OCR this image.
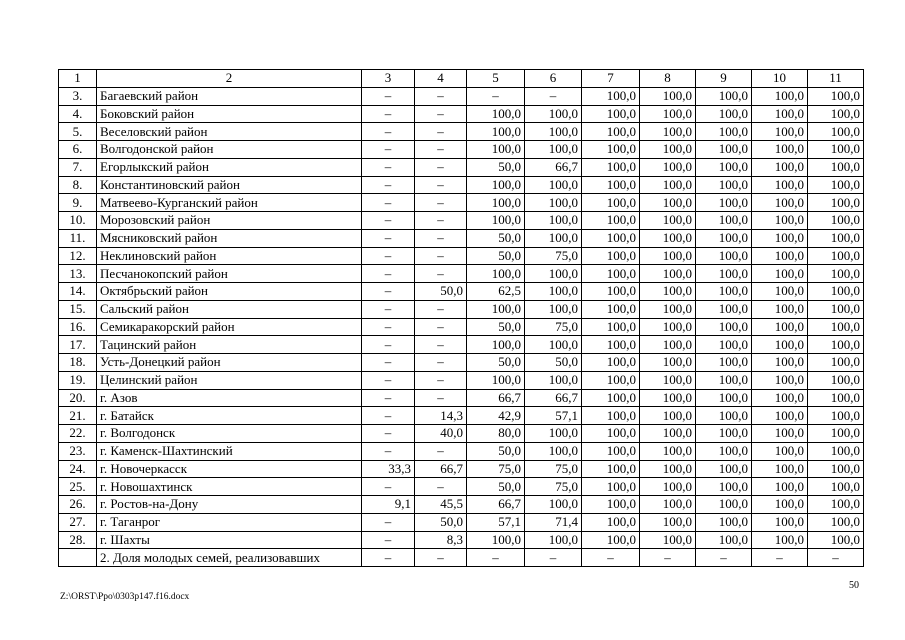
1	2	3	4	5	6	7	8	9	10	11
3.	Багаевский район	–	–	–	–	100,0	100,0	100,0	100,0	100,0
4.	Боковский район	–	–	100,0	100,0	100,0	100,0	100,0	100,0	100,0
5.	Веселовский район	–	–	100,0	100,0	100,0	100,0	100,0	100,0	100,0
6.	Волгодонской район	–	–	100,0	100,0	100,0	100,0	100,0	100,0	100,0
7.	Егорлыкский район	–	–	50,0	66,7	100,0	100,0	100,0	100,0	100,0
8.	Константиновский район	–	–	100,0	100,0	100,0	100,0	100,0	100,0	100,0
9.	Матвеево-Курганский район	–	–	100,0	100,0	100,0	100,0	100,0	100,0	100,0
10.	Морозовский район	–	–	100,0	100,0	100,0	100,0	100,0	100,0	100,0
11.	Мясниковский район	–	–	50,0	100,0	100,0	100,0	100,0	100,0	100,0
12.	Неклиновский район	–	–	50,0	75,0	100,0	100,0	100,0	100,0	100,0
13.	Песчанокопский район	–	–	100,0	100,0	100,0	100,0	100,0	100,0	100,0
14.	Октябрьский район	–	50,0	62,5	100,0	100,0	100,0	100,0	100,0	100,0
15.	Сальский район	–	–	100,0	100,0	100,0	100,0	100,0	100,0	100,0
16.	Семикаракорский район	–	–	50,0	75,0	100,0	100,0	100,0	100,0	100,0
17.	Тацинский район	–	–	100,0	100,0	100,0	100,0	100,0	100,0	100,0
18.	Усть-Донецкий район	–	–	50,0	50,0	100,0	100,0	100,0	100,0	100,0
19.	Целинский район	–	–	100,0	100,0	100,0	100,0	100,0	100,0	100,0
20.	г. Азов	–	–	66,7	66,7	100,0	100,0	100,0	100,0	100,0
21.	г. Батайск	–	14,3	42,9	57,1	100,0	100,0	100,0	100,0	100,0
22.	г. Волгодонск	–	40,0	80,0	100,0	100,0	100,0	100,0	100,0	100,0
23.	г. Каменск-Шахтинский	–	–	50,0	100,0	100,0	100,0	100,0	100,0	100,0
24.	г. Новочеркасск	33,3	66,7	75,0	75,0	100,0	100,0	100,0	100,0	100,0
25.	г. Новошахтинск	–	–	50,0	75,0	100,0	100,0	100,0	100,0	100,0
26.	г. Ростов-на-Дону	9,1	45,5	66,7	100,0	100,0	100,0	100,0	100,0	100,0
27.	г. Таганрог	–	50,0	57,1	71,4	100,0	100,0	100,0	100,0	100,0
28.	г. Шахты	–	8,3	100,0	100,0	100,0	100,0	100,0	100,0	100,0
	2. Доля молодых семей, реализовавших	–	–	–	–	–	–	–	–	–
50
Z:\ORST\Ppo\0303p147.f16.docx
